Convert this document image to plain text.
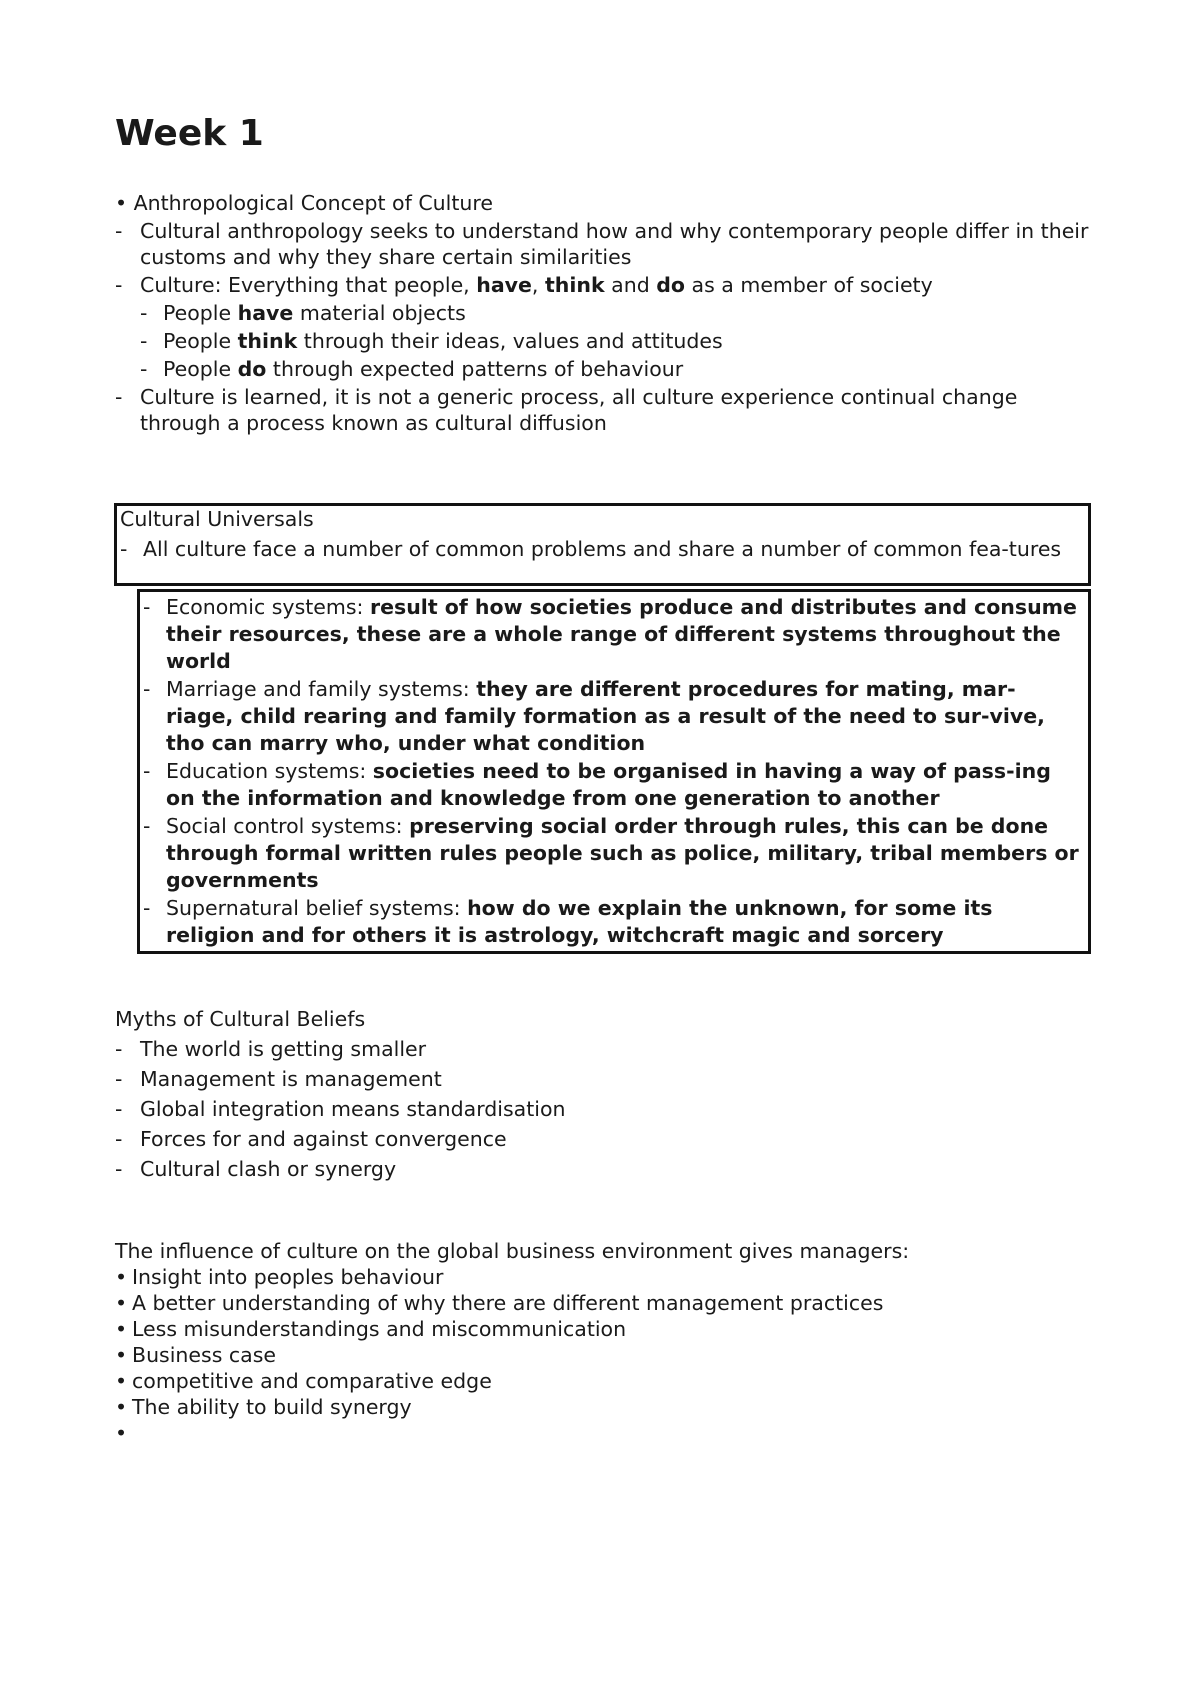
Week 1
• Anthropological Concept of Culture
- Cultural anthropology seeks to understand how and why contemporary people differ in their customs and why they share certain similarities
- Culture: Everything that people, have, think and do as a member of society
- People have material objects
- People think through their ideas, values and attitudes
- People do through expected patterns of behaviour
- Culture is learned, it is not a generic process, all culture experience continual change through a process known as cultural diffusion
Cultural Universals
- All culture face a number of common problems and share a number of common fea-tures
- Economic systems: result of how societies produce and distributes and consume their resources, these are a whole range of different systems throughout the world
- Marriage and family systems: they are different procedures for mating, mar-riage, child rearing and family formation as a result of the need to sur-vive, tho can marry who, under what condition
- Education systems: societies need to be organised in having a way of pass-ing on the information and knowledge from one generation to another
- Social control systems: preserving social order through rules, this can be done through formal written rules people such as police, military, tribal members or governments
- Supernatural belief systems: how do we explain the unknown, for some its religion and for others it is astrology, witchcraft magic and sorcery
Myths of Cultural Beliefs
- The world is getting smaller
- Management is management
- Global integration means standardisation
- Forces for and against convergence
- Cultural clash or synergy
The influence of culture on the global business environment gives managers:
• Insight into peoples behaviour
• A better understanding of why there are different management practices
• Less misunderstandings and miscommunication
• Business case
• competitive and comparative edge
• The ability to build synergy
•
